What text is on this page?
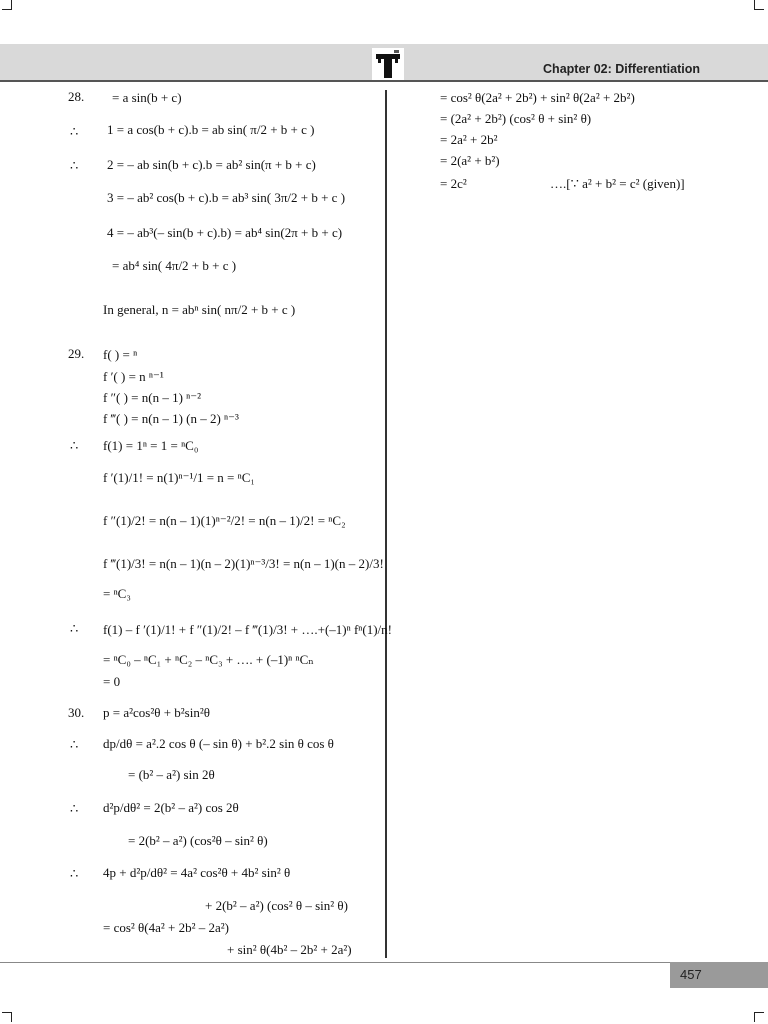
Chapter 02: Differentiation
28. = a sin(b + c)
∴ 1 = a cos(b + c).b = ab sin( π/2 + b + c )
∴ 2 = – ab sin(b + c).b = ab² sin(π + b + c)
3 = – ab² cos(b + c).b = ab³ sin( 3π/2 + b + c )
4 = – ab³(– sin(b + c).b) = ab⁴ sin(2π + b + c)
= ab⁴ sin( 4π/2 + b + c )
In general, n = abⁿ sin( nπ/2 + b + c )
29. f( ) = ⁿ
f ′( ) = n ⁿ⁻¹
f ″( ) = n(n – 1) ⁿ⁻²
f ‴( ) = n(n – 1) (n – 2) ⁿ⁻³
∴ f(1) = 1ⁿ = 1 = ⁿC₀
f ′(1)/1! = n(1)ⁿ⁻¹/1 = n = ⁿC₁
f ″(1)/2! = n(n – 1)(1)ⁿ⁻²/2! = n(n – 1)/2! = ⁿC₂
f ‴(1)/3! = n(n – 1)(n – 2)(1)ⁿ⁻³/3! = n(n – 1)(n – 2)/3!
= ⁿC₃
∴ f(1) – f ′(1)/1! + f ″(1)/2! – f ‴(1)/3! + ….+(–1)ⁿ fⁿ(1)/n!
= ⁿC₀ – ⁿC₁ + ⁿC₂ – ⁿC₃ + …. + (–1)ⁿ ⁿCₙ
= 0
30. p = a²cos²θ + b²sin²θ
∴ dp/dθ = a².2 cos θ (– sin θ) + b².2 sin θ cos θ
= (b² – a²) sin 2θ
∴ d²p/dθ² = 2(b² – a²) cos 2θ
= 2(b² – a²) (cos²θ – sin² θ)
∴ 4p + d²p/dθ² = 4a² cos²θ + 4b² sin² θ
+ 2(b² – a²) (cos² θ – sin² θ)
= cos² θ(4a² + 2b² – 2a²)
+ sin² θ(4b² – 2b² + 2a²)
= cos² θ(2a² + 2b²) + sin² θ(2a² + 2b²)
= (2a² + 2b²) (cos² θ + sin² θ)
= 2a² + 2b²
= 2(a² + b²)
= 2c²	….[∵ a² + b² = c² (given)]
457
